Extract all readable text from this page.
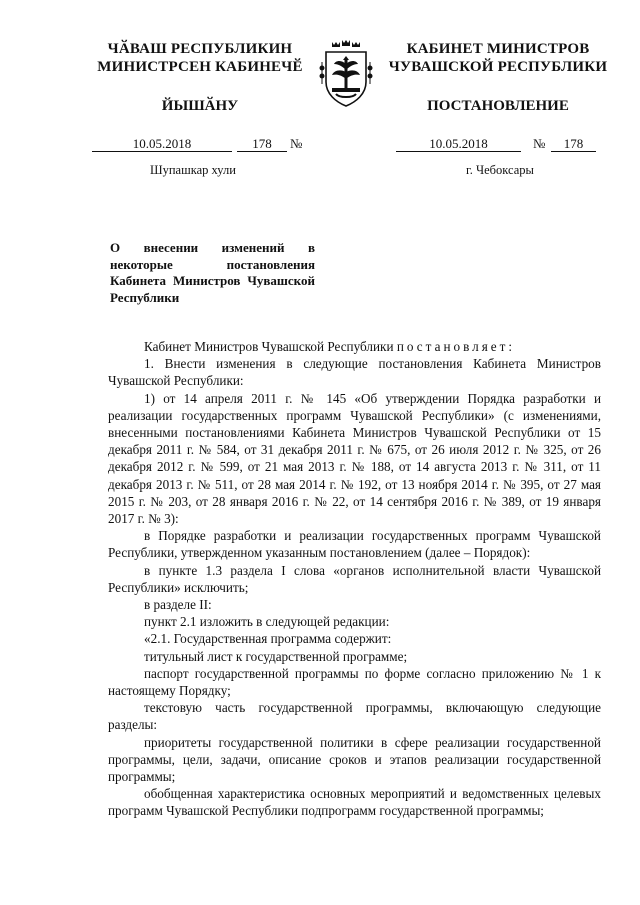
ЧӐВАШ РЕСПУБЛИКИН
МИНИСТРСЕН КАБИНЕЧӖ
ЙЫШӐНУ
КАБИНЕТ МИНИСТРОВ
ЧУВАШСКОЙ РЕСПУБЛИКИ
ПОСТАНОВЛЕНИЕ
10.05.2018	178	№	10.05.2018	№	178
Шупашкар хули	г. Чебоксары
О внесении изменений в некоторые постановления Кабинета Министров Чувашской Республики

Кабинет Министров Чувашской Республики постановляет:

1. Внести изменения в следующие постановления Кабинета Министров Чувашской Республики:

1) от 14 апреля 2011 г. № 145 «Об утверждении Порядка разработки и реализации государственных программ Чувашской Республики» (с изменениями, внесенными постановлениями Кабинета Министров Чувашской Республики от 15 декабря 2011 г. № 584, от 31 декабря 2011 г. № 675, от 26 июля 2012 г. № 325, от 26 декабря 2012 г. № 599, от 21 мая 2013 г. № 188, от 14 августа 2013 г. № 311, от 11 декабря 2013 г. № 511, от 28 мая 2014 г. № 192, от 13 ноября 2014 г. № 395, от 27 мая 2015 г. № 203, от 28 января 2016 г. № 22, от 14 сентября 2016 г. № 389, от 19 января 2017 г. № 3):

в Порядке разработки и реализации государственных программ Чувашской Республики, утвержденном указанным постановлением (далее – Порядок):

в пункте 1.3 раздела I слова «органов исполнительной власти Чувашской Республики» исключить;

в разделе II:

пункт 2.1 изложить в следующей редакции:

«2.1. Государственная программа содержит:

титульный лист к государственной программе;

паспорт государственной программы по форме согласно приложению № 1 к настоящему Порядку;

текстовую часть государственной программы, включающую следующие разделы:

приоритеты государственной политики в сфере реализации государственной программы, цели, задачи, описание сроков и этапов реализации государственной программы;

обобщенная характеристика основных мероприятий и ведомственных целевых программ Чувашской Республики подпрограмм государственной программы;
